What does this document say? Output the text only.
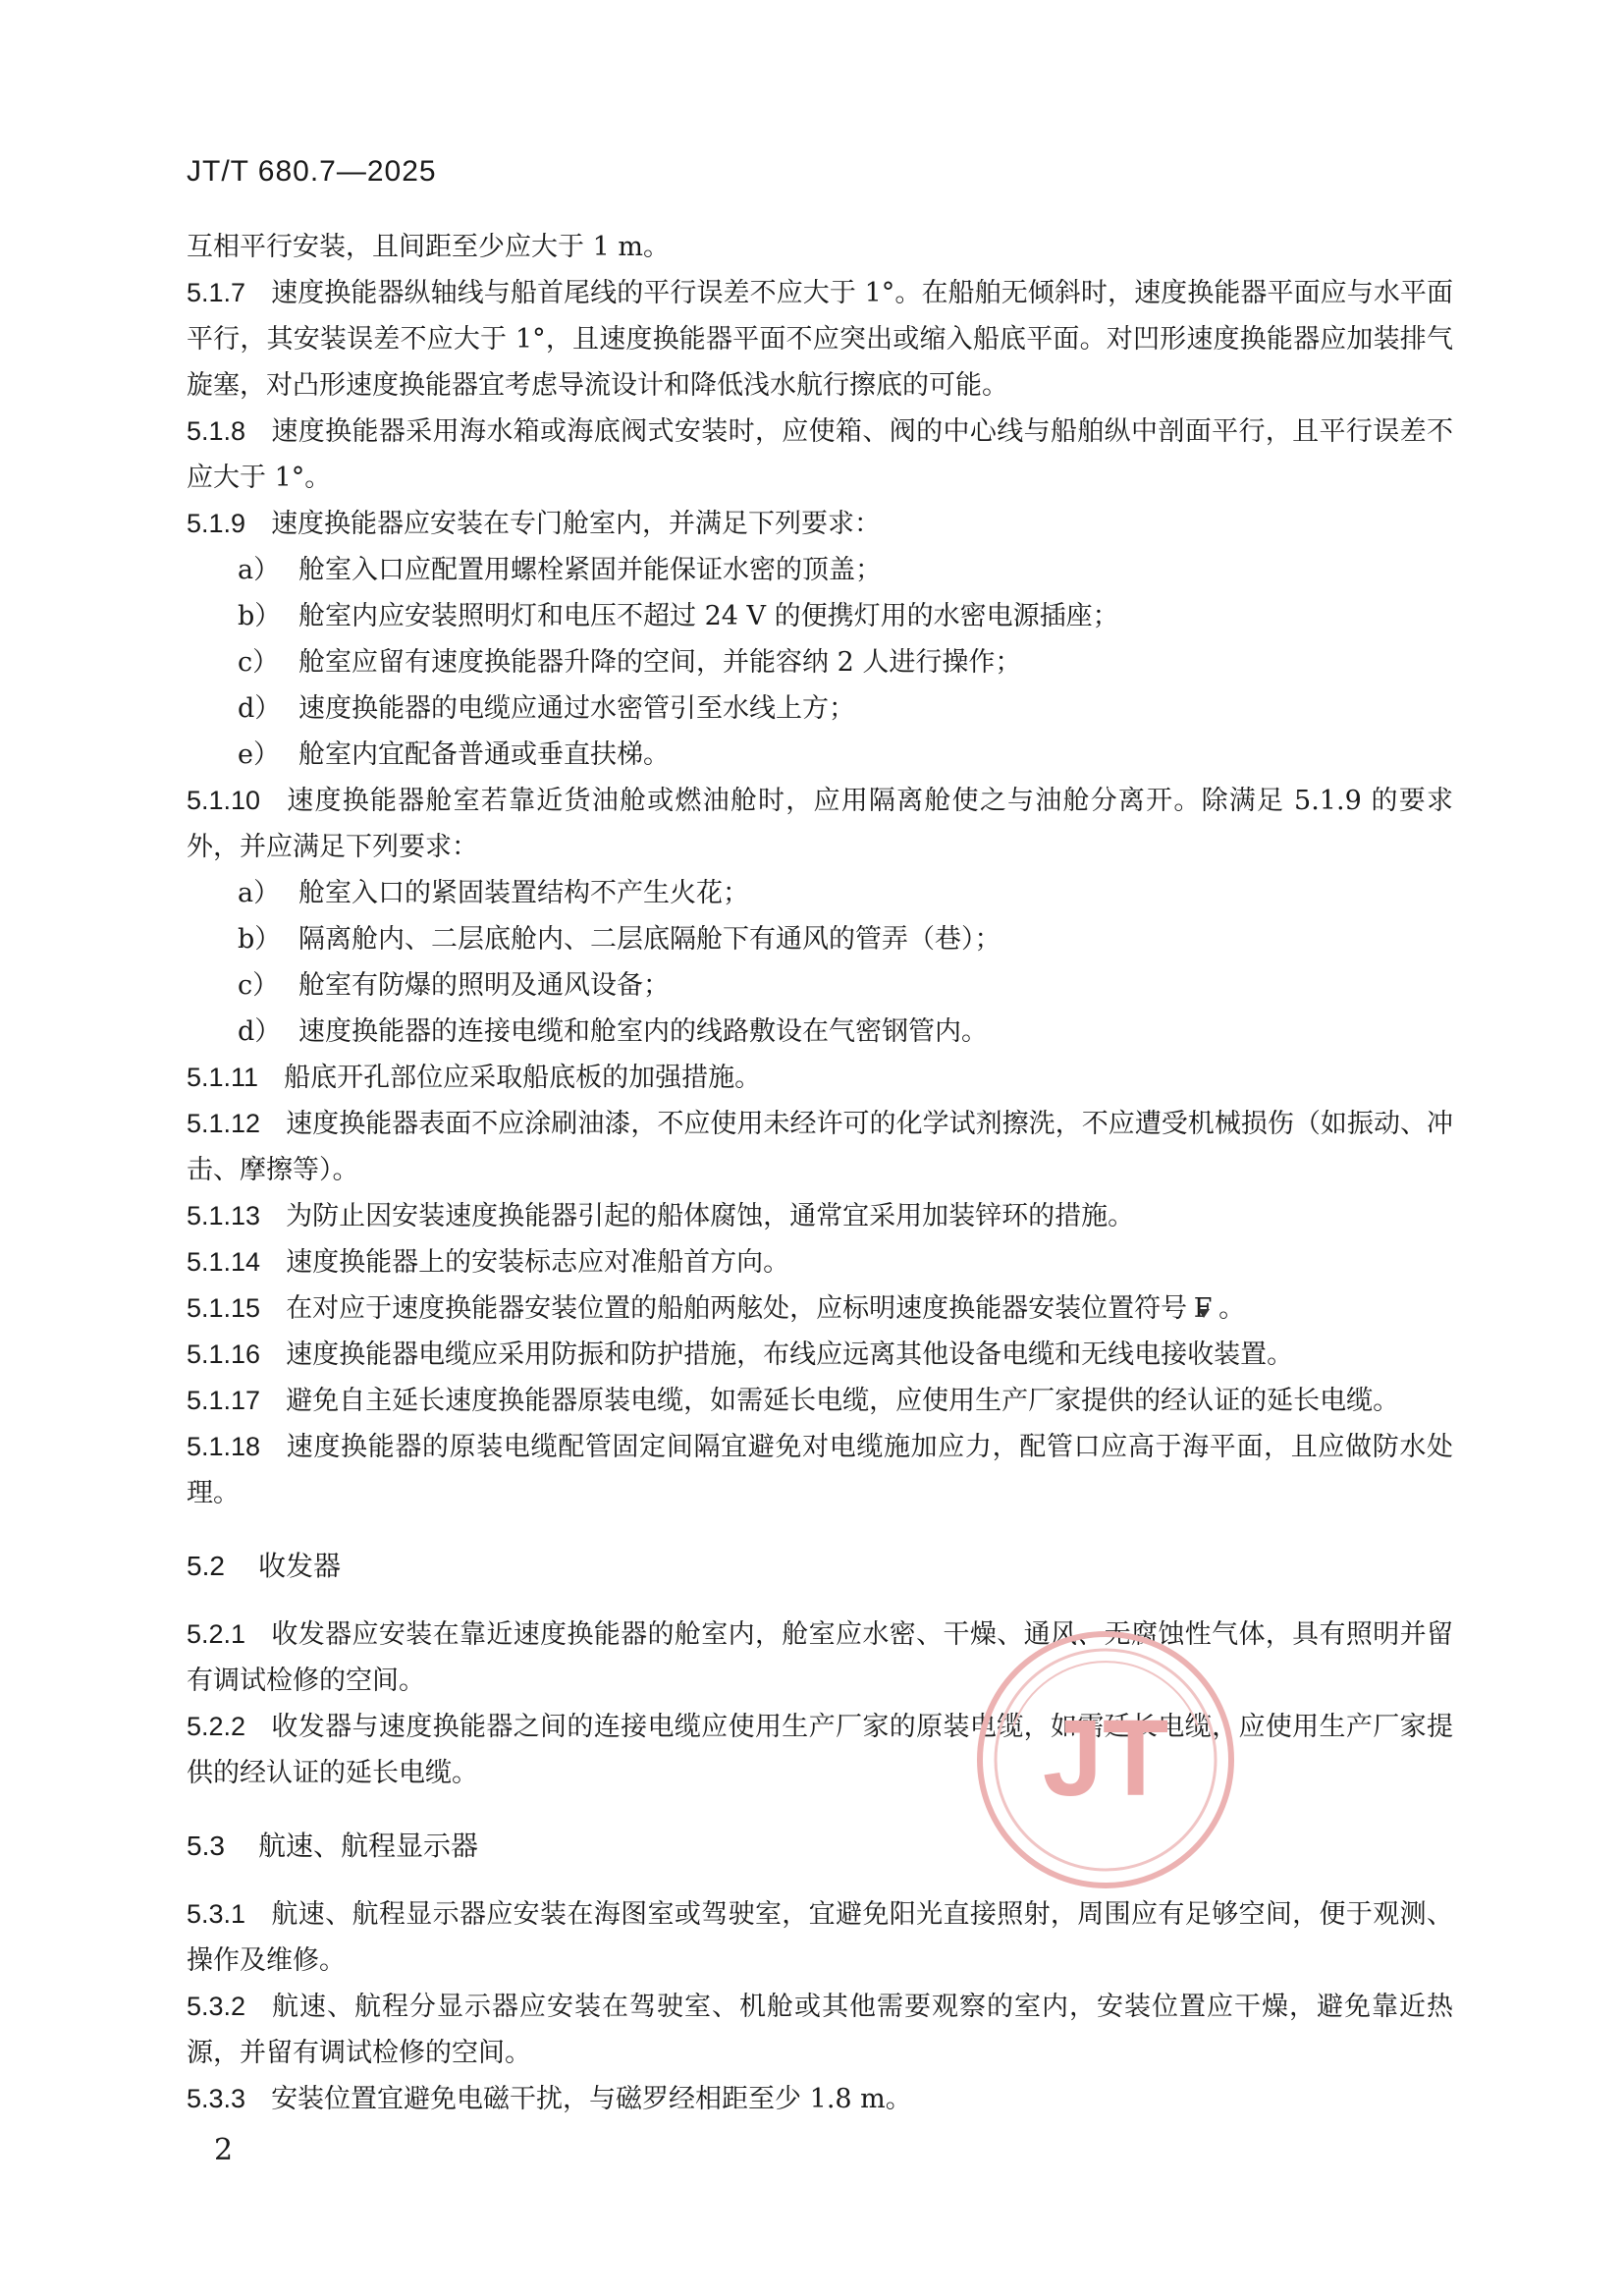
JT/T 680.7—2025

互相平行安装，且间距至少应大于 1 m。

5.1.7 速度换能器纵轴线与船首尾线的平行误差不应大于 1°。在船舶无倾斜时，速度换能器平面应与水平面平行，其安装误差不应大于 1°，且速度换能器平面不应突出或缩入船底平面。对凹形速度换能器应加装排气旋塞，对凸形速度换能器宜考虑导流设计和降低浅水航行擦底的可能。

5.1.8 速度换能器采用海水箱或海底阀式安装时，应使箱、阀的中心线与船舶纵中剖面平行，且平行误差不应大于 1°。

5.1.9 速度换能器应安装在专门舱室内，并满足下列要求：

a） 舱室入口应配置用螺栓紧固并能保证水密的顶盖；

b） 舱室内应安装照明灯和电压不超过 24 V 的便携灯用的水密电源插座；

c） 舱室应留有速度换能器升降的空间，并能容纳 2 人进行操作；

d） 速度换能器的电缆应通过水密管引至水线上方；

e） 舱室内宜配备普通或垂直扶梯。

5.1.10 速度换能器舱室若靠近货油舱或燃油舱时，应用隔离舱使之与油舱分离开。除满足 5.1.9 的要求外，并应满足下列要求：

a） 舱室入口的紧固装置结构不产生火花；

b） 隔离舱内、二层底舱内、二层底隔舱下有通风的管弄（巷）；

c） 舱室有防爆的照明及通风设备；

d） 速度换能器的连接电缆和舱室内的线路敷设在气密钢管内。

5.1.11 船底开孔部位应采取船底板的加强措施。

5.1.12 速度换能器表面不应涂刷油漆，不应使用未经许可的化学试剂擦洗，不应遭受机械损伤（如振动、冲击、摩擦等）。

5.1.13 为防止因安装速度换能器引起的船体腐蚀，通常宜采用加装锌环的措施。

5.1.14 速度换能器上的安装标志应对准船首方向。

5.1.15 在对应于速度换能器安装位置的船舶两舷处，应标明速度换能器安装位置符号 F 。

5.1.16 速度换能器电缆应采用防振和防护措施，布线应远离其他设备电缆和无线电接收装置。

5.1.17 避免自主延长速度换能器原装电缆，如需延长电缆，应使用生产厂家提供的经认证的延长电缆。

5.1.18 速度换能器的原装电缆配管固定间隔宜避免对电缆施加应力，配管口应高于海平面，且应做防水处理。

5.2 收发器

5.2.1 收发器应安装在靠近速度换能器的舱室内，舱室应水密、干燥、通风、无腐蚀性气体，具有照明并留有调试检修的空间。

5.2.2 收发器与速度换能器之间的连接电缆应使用生产厂家的原装电缆，如需延长电缆，应使用生产厂家提供的经认证的延长电缆。

5.3 航速、航程显示器

5.3.1 航速、航程显示器应安装在海图室或驾驶室，宜避免阳光直接照射，周围应有足够空间，便于观测、操作及维修。

5.3.2 航速、航程分显示器应安装在驾驶室、机舱或其他需要观察的室内，安装位置应干燥，避免靠近热源，并留有调试检修的空间。

5.3.3 安装位置宜避免电磁干扰，与磁罗经相距至少 1.8 m。

2
JT
